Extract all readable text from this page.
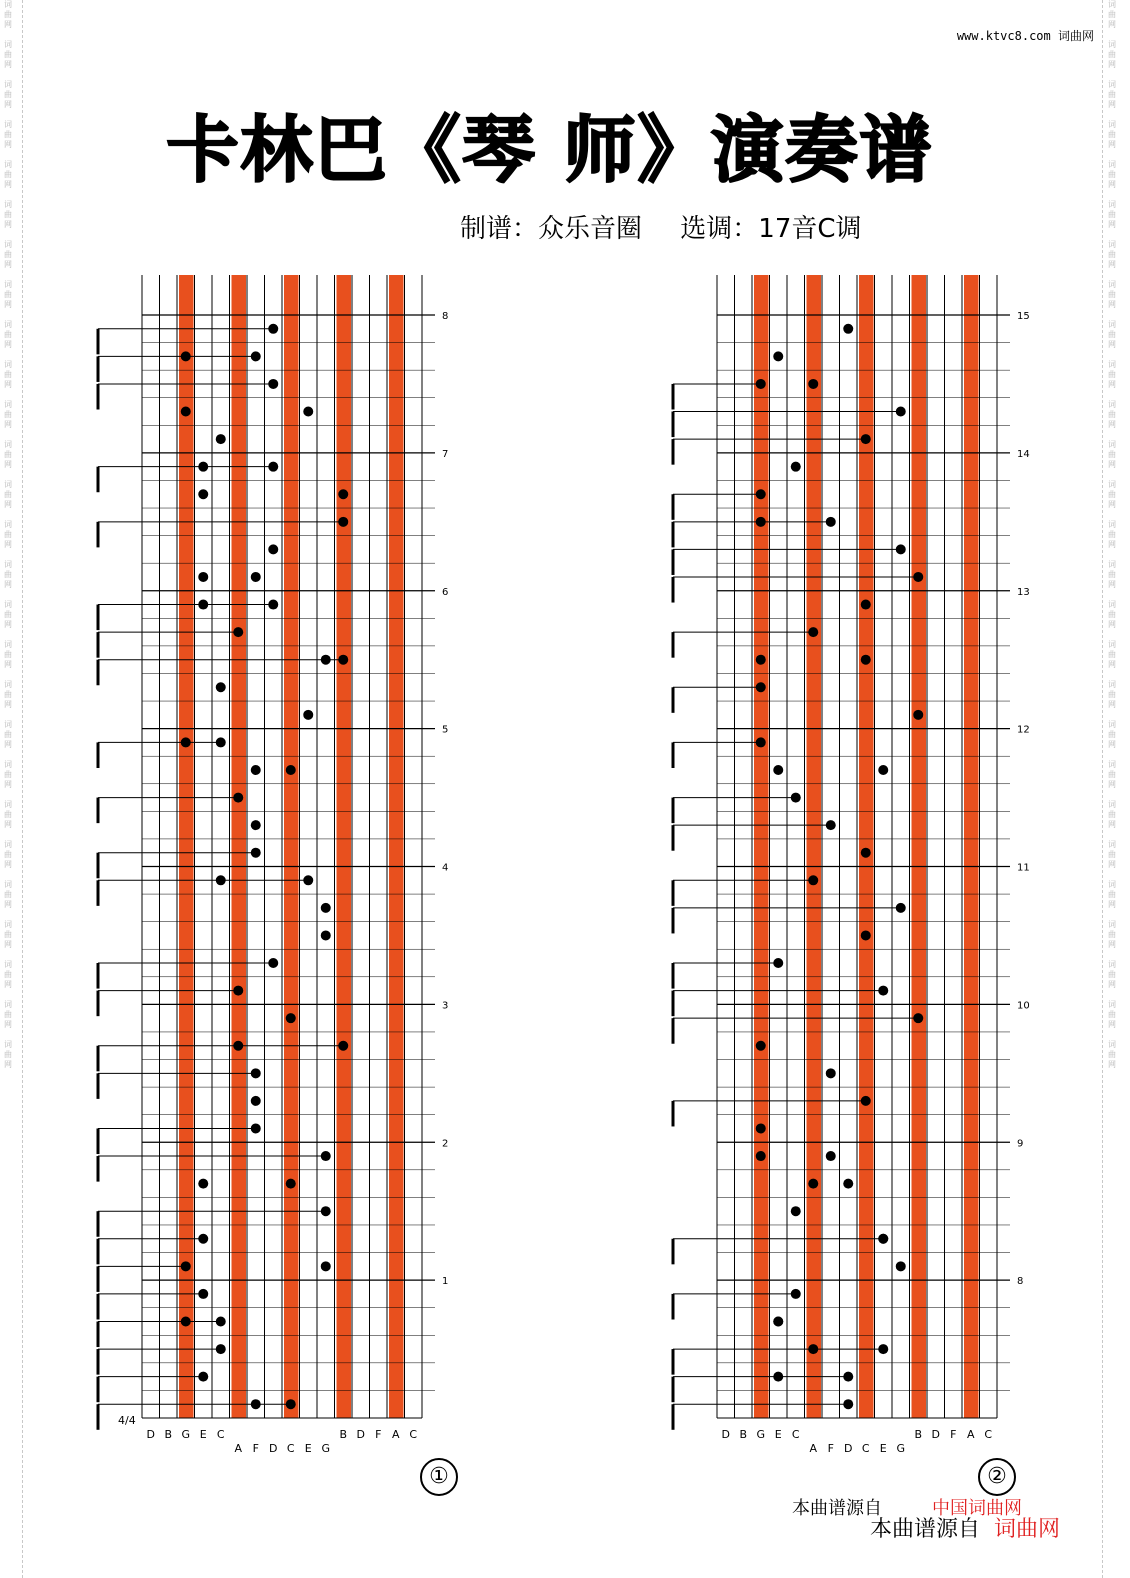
词
曲
网

词
曲
网

词
曲
网

词
曲
网

词
曲
网

词
曲
网

词
曲
网

词
曲
网

词
曲
网

词
曲
网

词
曲
网

词
曲
网

词
曲
网

词
曲
网

词
曲
网

词
曲
网

词
曲
网

词
曲
网

词
曲
网

词
曲
网

词
曲
网

词
曲
网

词
曲
网

词
曲
网

词
曲
网

词
曲
网

词
曲
网

词
曲
网

词
曲
网

词
曲
网

词
曲
网

词
曲
网

词
曲
网

词
曲
网

词
曲
网

词
曲
网

词
曲
网

词
曲
网

词
曲
网

词
曲
网

词
曲
网

词
曲
网

词
曲
网

词
曲
网

词
曲
网

词
曲
网

词
曲
网

词
曲
网

词
曲
网

词
曲
网

词
曲
网

词
曲
网

词
曲
网

词
曲
网

www.ktvc8.com 词曲网
卡林巴《琴 师》演奏谱
制谱：众乐音圈 选调：17音C调
D B G E C
A F D C E G
B D F A C
8
7
6
5
4
3
2
1
4/4
①
D B G E C
A F D C E G
B D F A C
15
14
13
12
11
10
9
8
②
本曲谱源自	中国词曲网
本曲谱源自 词曲网
